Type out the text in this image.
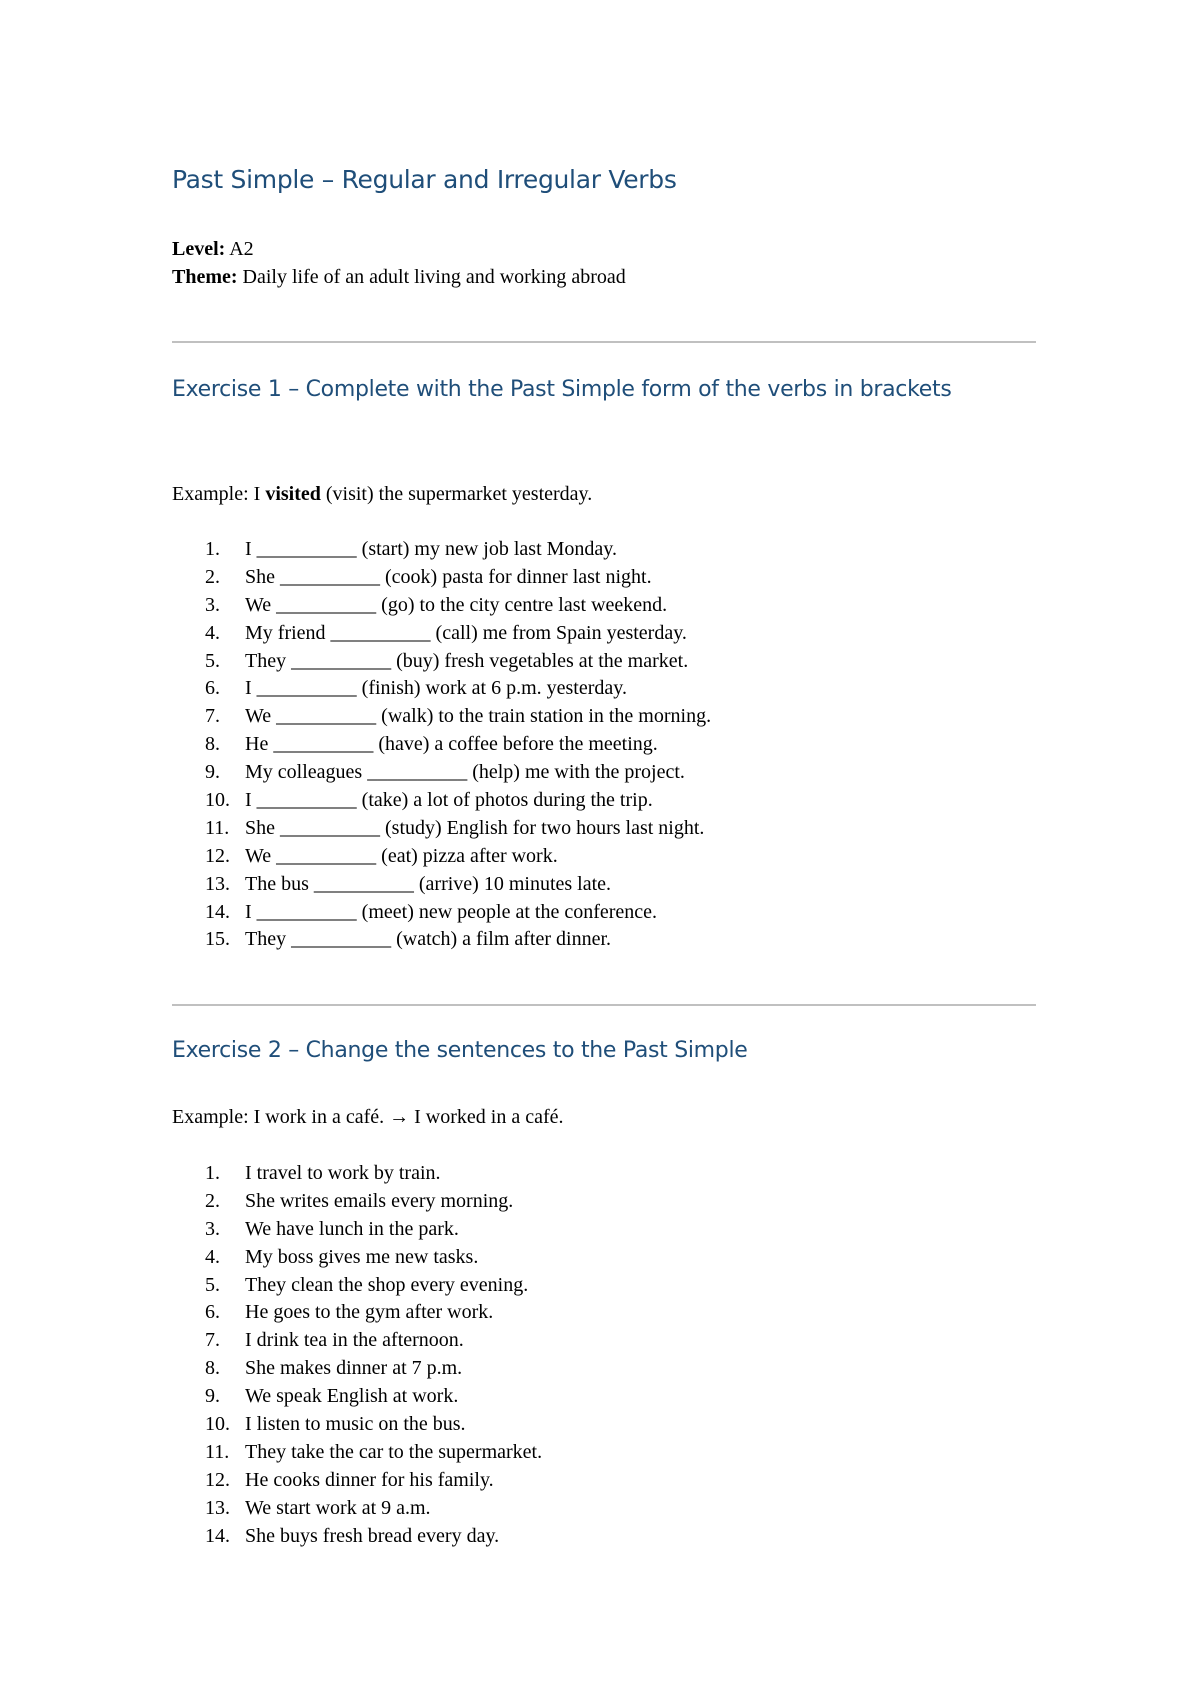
Past Simple – Regular and Irregular Verbs
Level: A2
Theme: Daily life of an adult living and working abroad
Exercise 1 – Complete with the Past Simple form of the verbs in brackets
Example: I visited (visit) the supermarket yesterday.
1.	I __________ (start) my new job last Monday.
2.	She __________ (cook) pasta for dinner last night.
3.	We __________ (go) to the city centre last weekend.
4.	My friend __________ (call) me from Spain yesterday.
5.	They __________ (buy) fresh vegetables at the market.
6.	I __________ (finish) work at 6 p.m. yesterday.
7.	We __________ (walk) to the train station in the morning.
8.	He __________ (have) a coffee before the meeting.
9.	My colleagues __________ (help) me with the project.
10. I __________ (take) a lot of photos during the trip.
11. She __________ (study) English for two hours last night.
12. We __________ (eat) pizza after work.
13. The bus __________ (arrive) 10 minutes late.
14. I __________ (meet) new people at the conference.
15. They __________ (watch) a film after dinner.
Exercise 2 – Change the sentences to the Past Simple
Example: I work in a café. → I worked in a café.
1.	I travel to work by train.
2.	She writes emails every morning.
3.	We have lunch in the park.
4.	My boss gives me new tasks.
5.	They clean the shop every evening.
6.	He goes to the gym after work.
7.	I drink tea in the afternoon.
8.	She makes dinner at 7 p.m.
9.	We speak English at work.
10. I listen to music on the bus.
11. They take the car to the supermarket.
12. He cooks dinner for his family.
13. We start work at 9 a.m.
14. She buys fresh bread every day.
